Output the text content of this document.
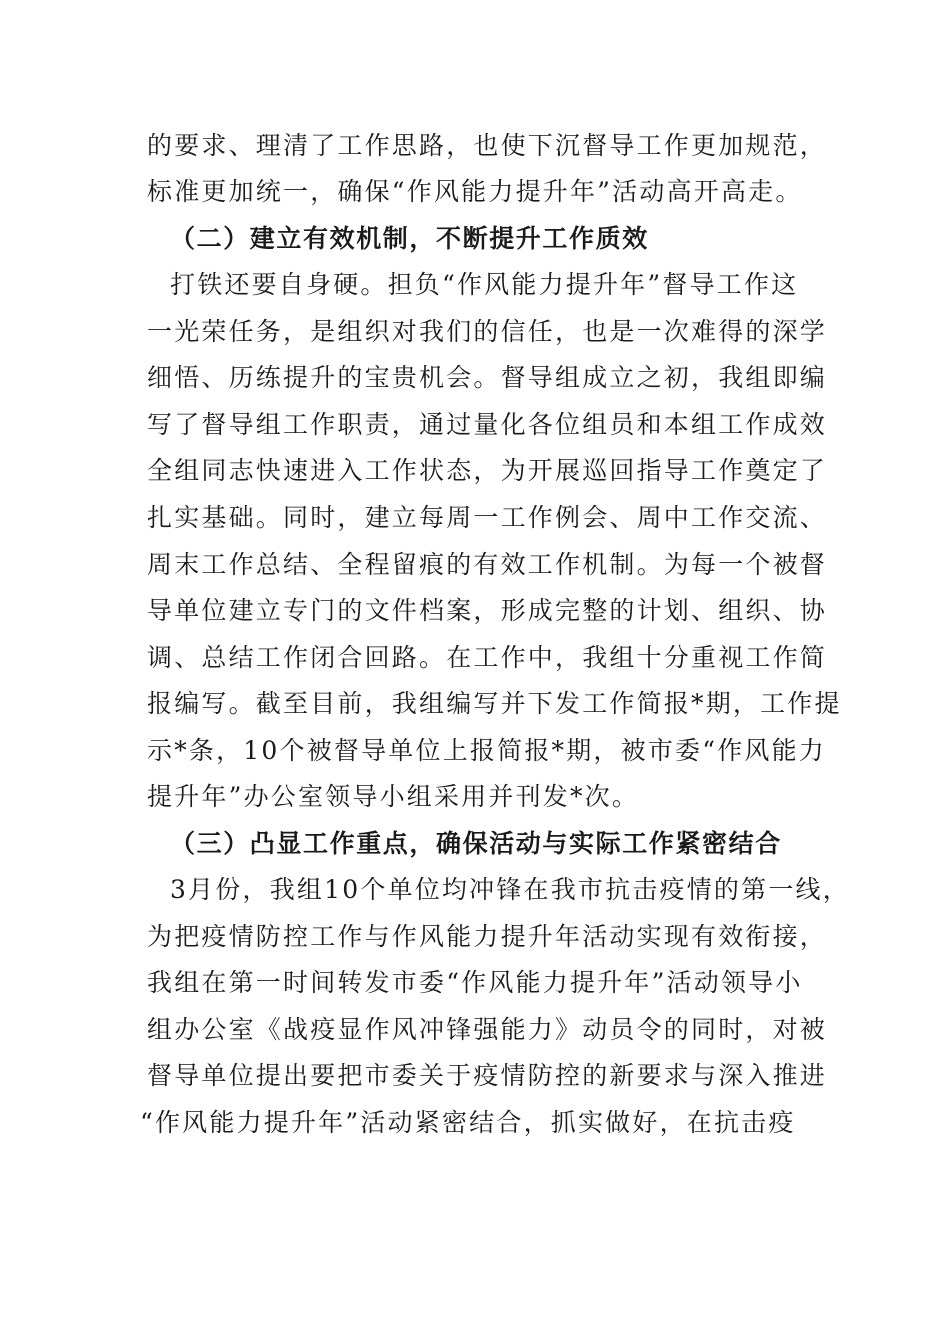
的要求、理清了工作思路，也使下沉督导工作更加规范，
标准更加统一，确保“作风能力提升年”活动高开高走。
（二）建立有效机制，不断提升工作质效
打铁还要自身硬。担负“作风能力提升年”督导工作这
一光荣任务，是组织对我们的信任，也是一次难得的深学
细悟、历练提升的宝贵机会。督导组成立之初，我组即编
写了督导组工作职责，通过量化各位组员和本组工作成效
全组同志快速进入工作状态，为开展巡回指导工作奠定了
扎实基础。同时，建立每周一工作例会、周中工作交流、
周末工作总结、全程留痕的有效工作机制。为每一个被督
导单位建立专门的文件档案，形成完整的计划、组织、协
调、总结工作闭合回路。在工作中，我组十分重视工作简
报编写。截至目前，我组编写并下发工作简报*期，工作提
示*条，10个被督导单位上报简报*期，被市委“作风能力
提升年”办公室领导小组采用并刊发*次。
（三）凸显工作重点，确保活动与实际工作紧密结合
3月份，我组10个单位均冲锋在我市抗击疫情的第一线，
为把疫情防控工作与作风能力提升年活动实现有效衔接，
我组在第一时间转发市委“作风能力提升年”活动领导小
组办公室《战疫显作风冲锋强能力》动员令的同时，对被
督导单位提出要把市委关于疫情防控的新要求与深入推进
“作风能力提升年”活动紧密结合，抓实做好，在抗击疫
